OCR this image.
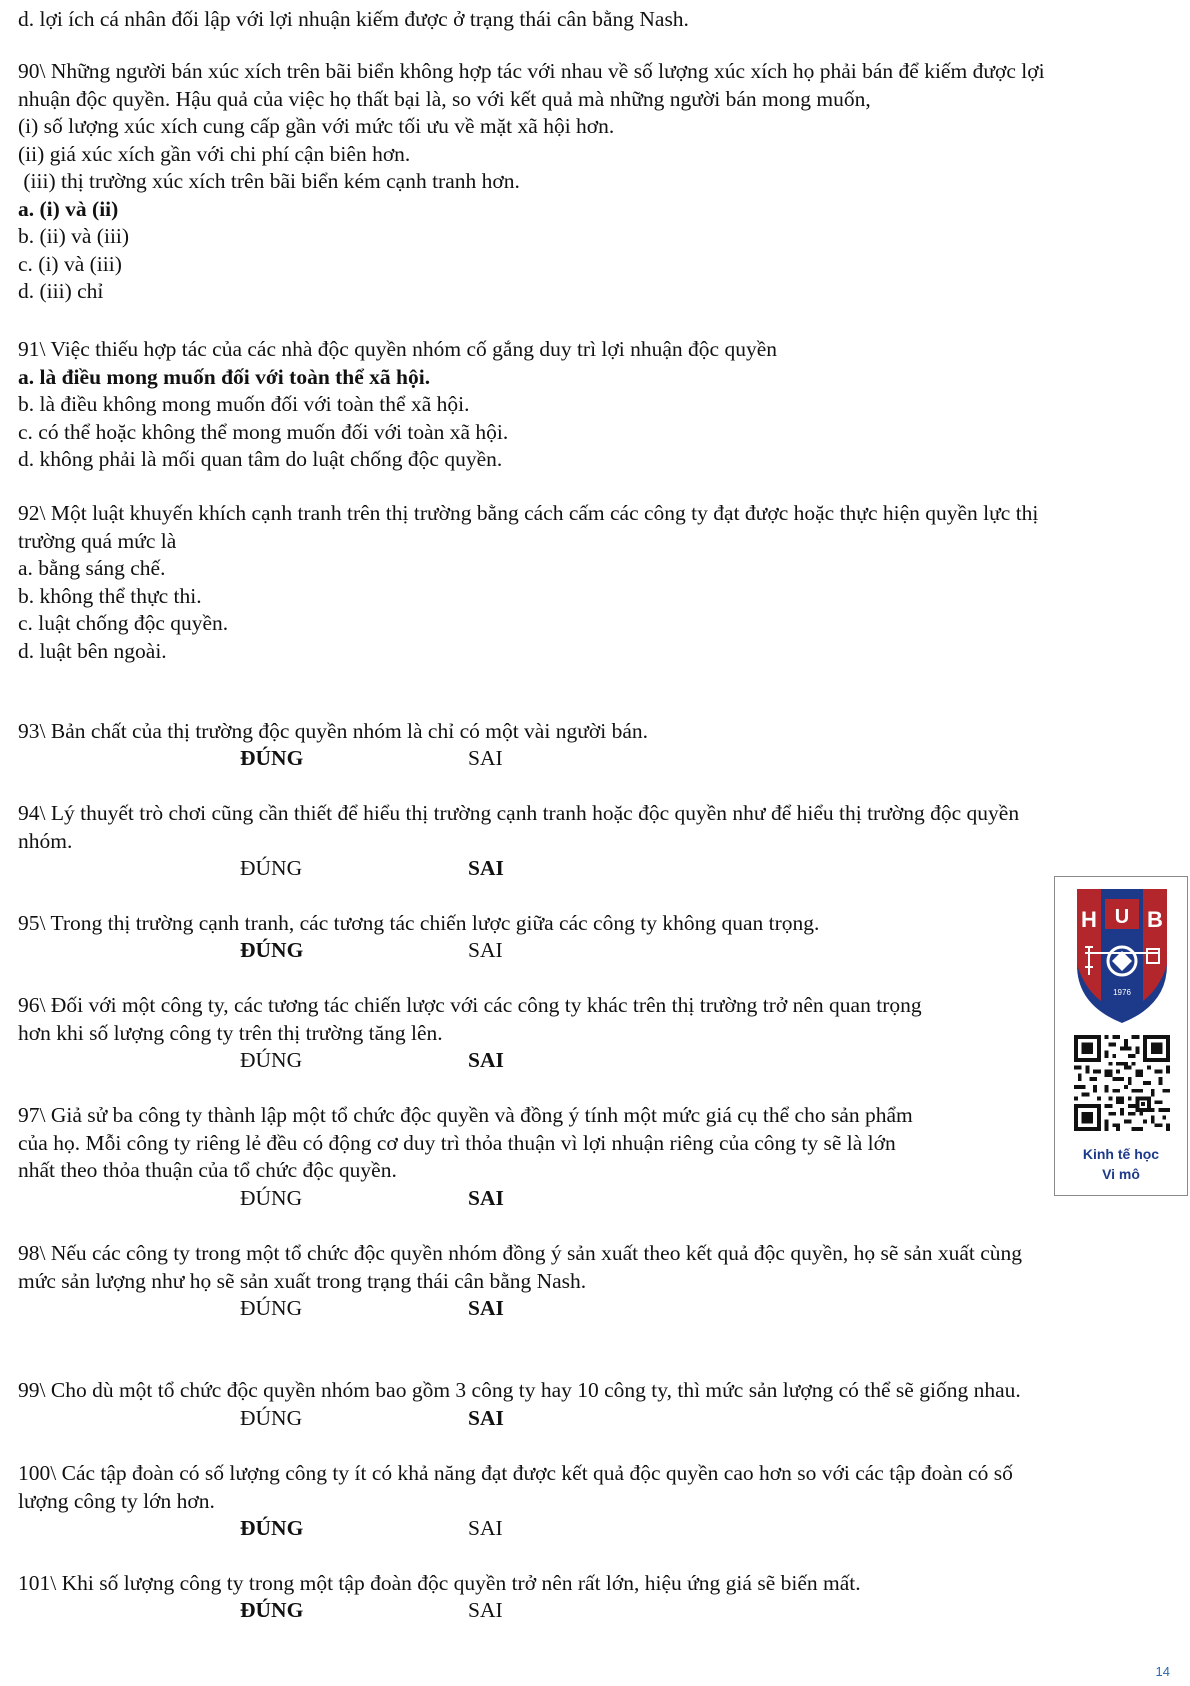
d. lợi ích cá nhân đối lập với lợi nhuận kiếm được ở trạng thái cân bằng Nash.
90\ Những người bán xúc xích trên bãi biển không hợp tác với nhau về số lượng xúc xích họ phải bán để kiếm được lợi
nhuận độc quyền. Hậu quả của việc họ thất bại là, so với kết quả mà những người bán mong muốn,
(i) số lượng xúc xích cung cấp gần với mức tối ưu về mặt xã hội hơn.
(ii) giá xúc xích gần với chi phí cận biên hơn.
(iii) thị trường xúc xích trên bãi biển kém cạnh tranh hơn.
a. (i) và (ii)
b. (ii) và (iii)
c. (i) và (iii)
d. (iii) chỉ
91\ Việc thiếu hợp tác của các nhà độc quyền nhóm cố gắng duy trì lợi nhuận độc quyền
a. là điều mong muốn đối với toàn thể xã hội.
b. là điều không mong muốn đối với toàn thể xã hội.
c. có thể hoặc không thể mong muốn đối với toàn xã hội.
d. không phải là mối quan tâm do luật chống độc quyền.
92\ Một luật khuyến khích cạnh tranh trên thị trường bằng cách cấm các công ty đạt được hoặc thực hiện quyền lực thị
trường quá mức là
a. bằng sáng chế.
b. không thể thực thi.
c. luật chống độc quyền.
d. luật bên ngoài.
93\ Bản chất của thị trường độc quyền nhóm là chỉ có một vài người bán.
ĐÚNG	SAI
94\ Lý thuyết trò chơi cũng cần thiết để hiểu thị trường cạnh tranh hoặc độc quyền như để hiểu thị trường độc quyền
nhóm.
ĐÚNG	SAI
95\ Trong thị trường cạnh tranh, các tương tác chiến lược giữa các công ty không quan trọng.
ĐÚNG	SAI
96\ Đối với một công ty, các tương tác chiến lược với các công ty khác trên thị trường trở nên quan trọng
hơn khi số lượng công ty trên thị trường tăng lên.
ĐÚNG	SAI
97\ Giả sử ba công ty thành lập một tổ chức độc quyền và đồng ý tính một mức giá cụ thể cho sản phẩm
của họ. Mỗi công ty riêng lẻ đều có động cơ duy trì thỏa thuận vì lợi nhuận riêng của công ty sẽ là lớn
nhất theo thỏa thuận của tổ chức độc quyền.
ĐÚNG	SAI
98\ Nếu các công ty trong một tổ chức độc quyền nhóm đồng ý sản xuất theo kết quả độc quyền, họ sẽ sản xuất cùng
mức sản lượng như họ sẽ sản xuất trong trạng thái cân bằng Nash.
ĐÚNG	SAI
99\ Cho dù một tổ chức độc quyền nhóm bao gồm 3 công ty hay 10 công ty, thì mức sản lượng có thể sẽ giống nhau.
ĐÚNG	SAI
100\ Các tập đoàn có số lượng công ty ít có khả năng đạt được kết quả độc quyền cao hơn so với các tập đoàn có số
lượng công ty lớn hơn.
ĐÚNG	SAI
101\ Khi số lượng công ty trong một tập đoàn độc quyền trở nên rất lớn, hiệu ứng giá sẽ biến mất.
ĐÚNG	SAI
H U B
1976
Kinh tế học
Vi mô
14
